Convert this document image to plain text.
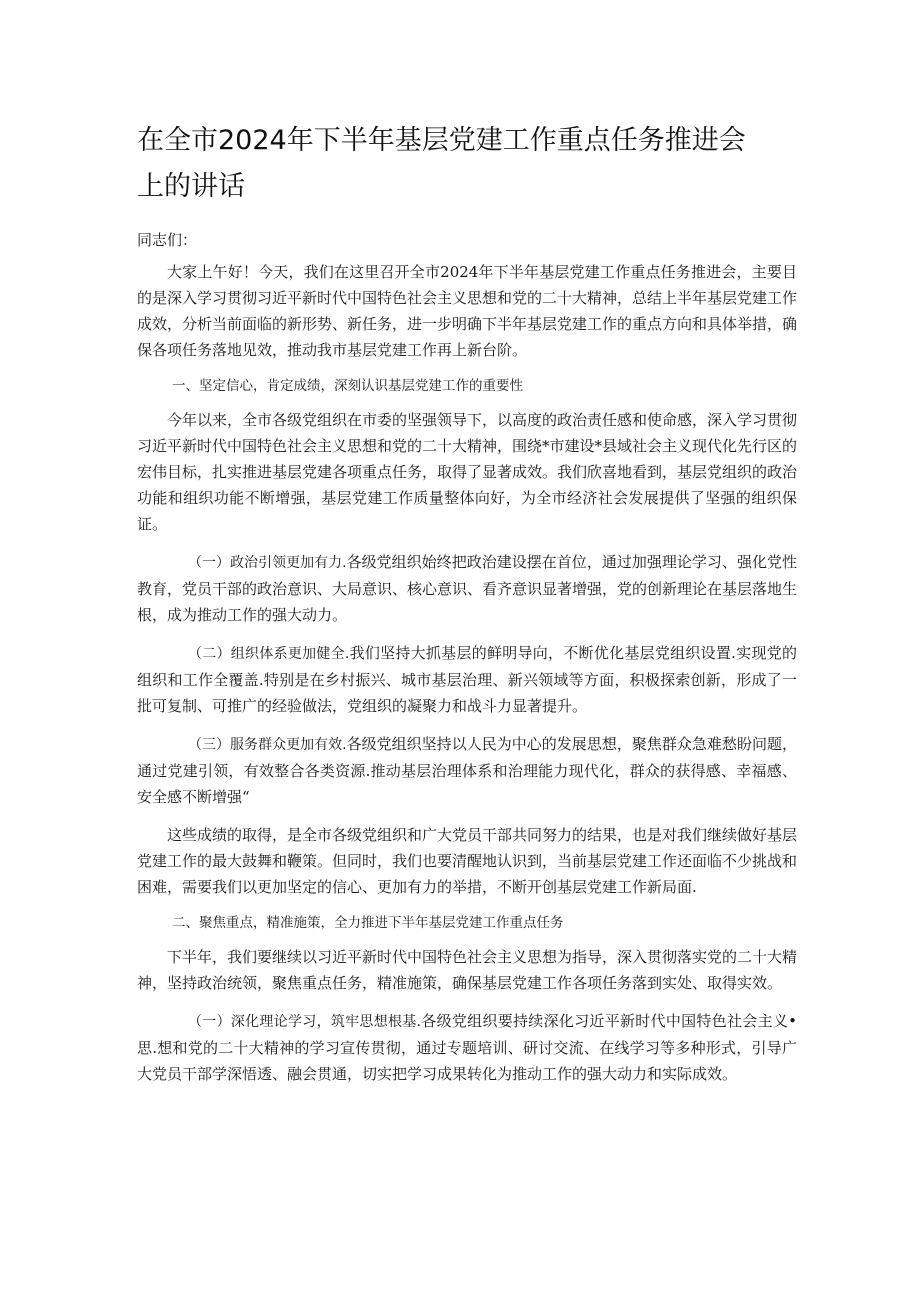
在全市2024年下半年基层党建工作重点任务推进会
上的讲话

同志们：

大家上午好！今天，我们在这里召开全市2024年下半年基层党建工作重点任务推进会，主要目的是深入学习贯彻习近平新时代中国特色社会主义思想和党的二十大精神，总结上半年基层党建工作成效，分析当前面临的新形势、新任务，进一步明确下半年基层党建工作的重点方向和具体举措，确保各项任务落地见效，推动我市基层党建工作再上新台阶。

一、坚定信心，肯定成绩，深刻认识基层党建工作的重要性

今年以来，全市各级党组织在市委的坚强领导下，以高度的政治责任感和使命感，深入学习贯彻习近平新时代中国特色社会主义思想和党的二十大精神，围绕*市建设*县域社会主义现代化先行区的宏伟目标，扎实推进基层党建各项重点任务，取得了显著成效。我们欣喜地看到，基层党组织的政治功能和组织功能不断增强，基层党建工作质量整体向好，为全市经济社会发展提供了坚强的组织保证。

（一）政治引领更加有力.各级党组织始终把政治建设摆在首位，通过加强理论学习、强化党性教育，党员干部的政治意识、大局意识、核心意识、看齐意识显著增强，党的创新理论在基层落地生根，成为推动工作的强大动力。

（二）组织体系更加健全.我们坚持大抓基层的鲜明导向，不断优化基层党组织设置.实现党的组织和工作全覆盖.特别是在乡村振兴、城市基层治理、新兴领域等方面，积极探索创新，形成了一批可复制、可推广的经验做法，党组织的凝聚力和战斗力显著提升。

（三）服务群众更加有效.各级党组织坚持以人民为中心的发展思想，聚焦群众急难愁盼问题，通过党建引领，有效整合各类资源.推动基层治理体系和治理能力现代化，群众的获得感、幸福感、安全感不断增强“

这些成绩的取得，是全市各级党组织和广大党员干部共同努力的结果，也是对我们继续做好基层党建工作的最大鼓舞和鞭策。但同时，我们也要清醒地认识到，当前基层党建工作还面临不少挑战和困难，需要我们以更加坚定的信心、更加有力的举措，不断开创基层党建工作新局面.

二、聚焦重点，精准施策，全力推进下半年基层党建工作重点任务

下半年，我们要继续以习近平新时代中国特色社会主义思想为指导，深入贯彻落实党的二十大精神，坚持政治统领，聚焦重点任务，精准施策，确保基层党建工作各项任务落到实处、取得实效。

（一）深化理论学习，筑牢思想根基.各级党组织要持续深化习近平新时代中国特色社会主义•思.想和党的二十大精神的学习宣传贯彻，通过专题培训、研讨交流、在线学习等多种形式，引导广大党员干部学深悟透、融会贯通，切实把学习成果转化为推动工作的强大动力和实际成效。
